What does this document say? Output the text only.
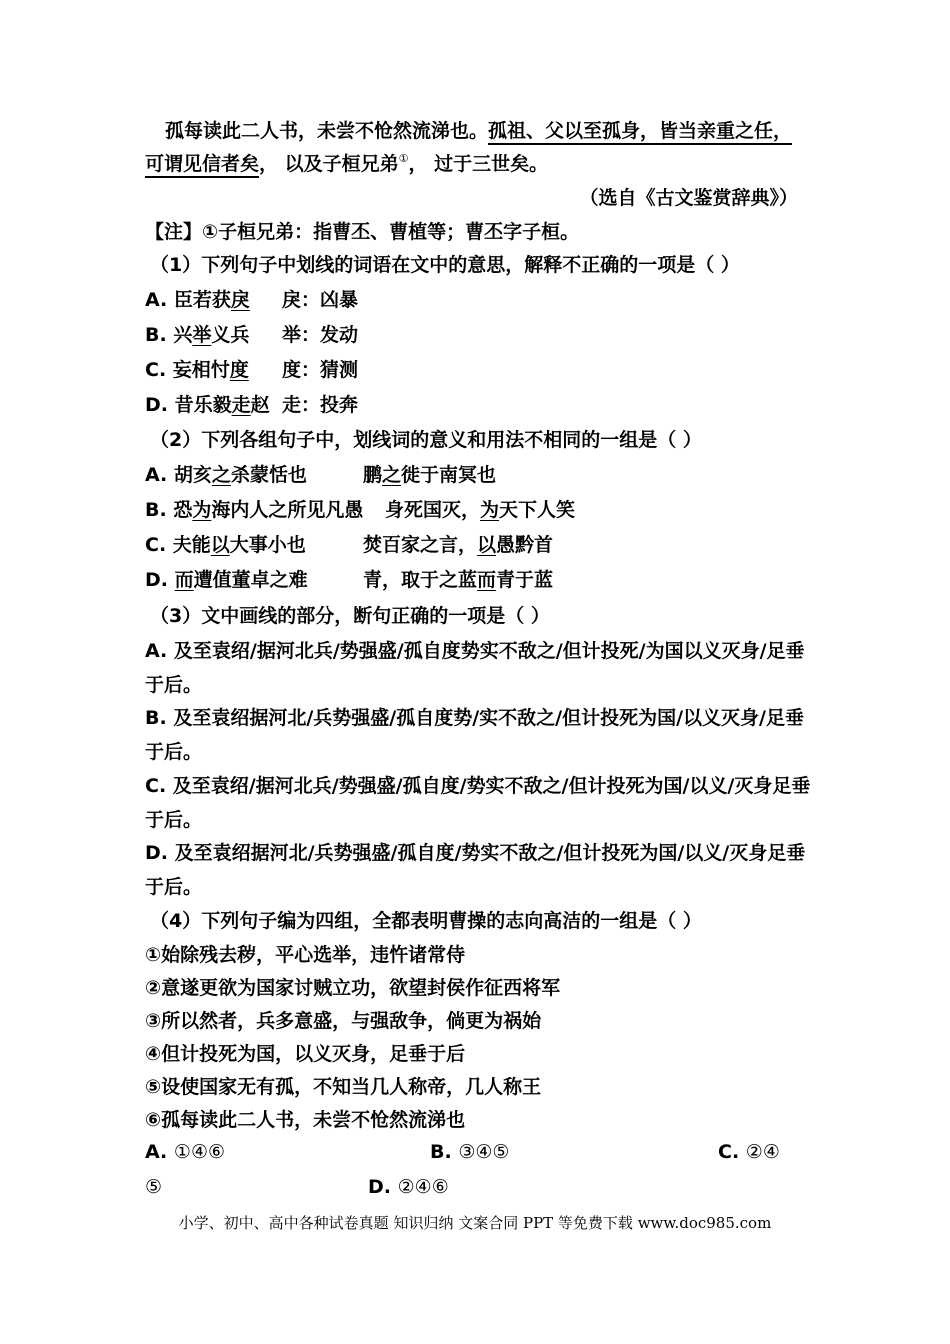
孤每读此二人书，未尝不怆然流涕也。孤祖、父以至孤身，皆当亲重之任，
可谓见信者矣， 以及子桓兄弟①， 过于三世矣。
（选自《古文鉴赏辞典》）
【注】①子桓兄弟：指曹丕、曹植等；曹丕字子桓。
（1）下列句子中划线的词语在文中的意思，解释不正确的一项是（ ）
A. 臣若获戾 戾：凶暴
B. 兴举义兵 举：发动
C. 妄相忖度 度：猜测
D. 昔乐毅走赵 走：投奔
（2）下列各组句子中，划线词的意义和用法不相同的一组是（ ）
A. 胡亥之杀蒙恬也	鹏之徙于南冥也
B. 恐为海内人之所见凡愚 身死国灭，为天下人笑
C. 夫能以大事小也	焚百家之言，以愚黔首
D. 而遭值董卓之难	青，取于之蓝而青于蓝
（3）文中画线的部分，断句正确的一项是（ ）
A. 及至袁绍/据河北兵/势强盛/孤自度势实不敌之/但计投死/为国以义灭身/足垂
于后。
B. 及至袁绍据河北/兵势强盛/孤自度势/实不敌之/但计投死为国/以义灭身/足垂
于后。
C. 及至袁绍/据河北兵/势强盛/孤自度/势实不敌之/但计投死为国/以义/灭身足垂
于后。
D. 及至袁绍据河北/兵势强盛/孤自度/势实不敌之/但计投死为国/以义/灭身足垂
于后。
（4）下列句子编为四组，全都表明曹操的志向高洁的一组是（ ）
①始除残去秽，平心选举，违忤诸常侍
②意遂更欲为国家讨贼立功，欲望封侯作征西将军
③所以然者，兵多意盛，与强敌争，倘更为祸始
④但计投死为国，以义灭身，足垂于后
⑤设使国家无有孤，不知当几人称帝，几人称王
⑥孤每读此二人书，未尝不怆然流涕也
A. ①④⑥	B. ③④⑤	C. ②④
⑤	D. ②④⑥
小学、初中、高中各种试卷真题 知识归纳 文案合同 PPT 等免费下载 www.doc985.com
